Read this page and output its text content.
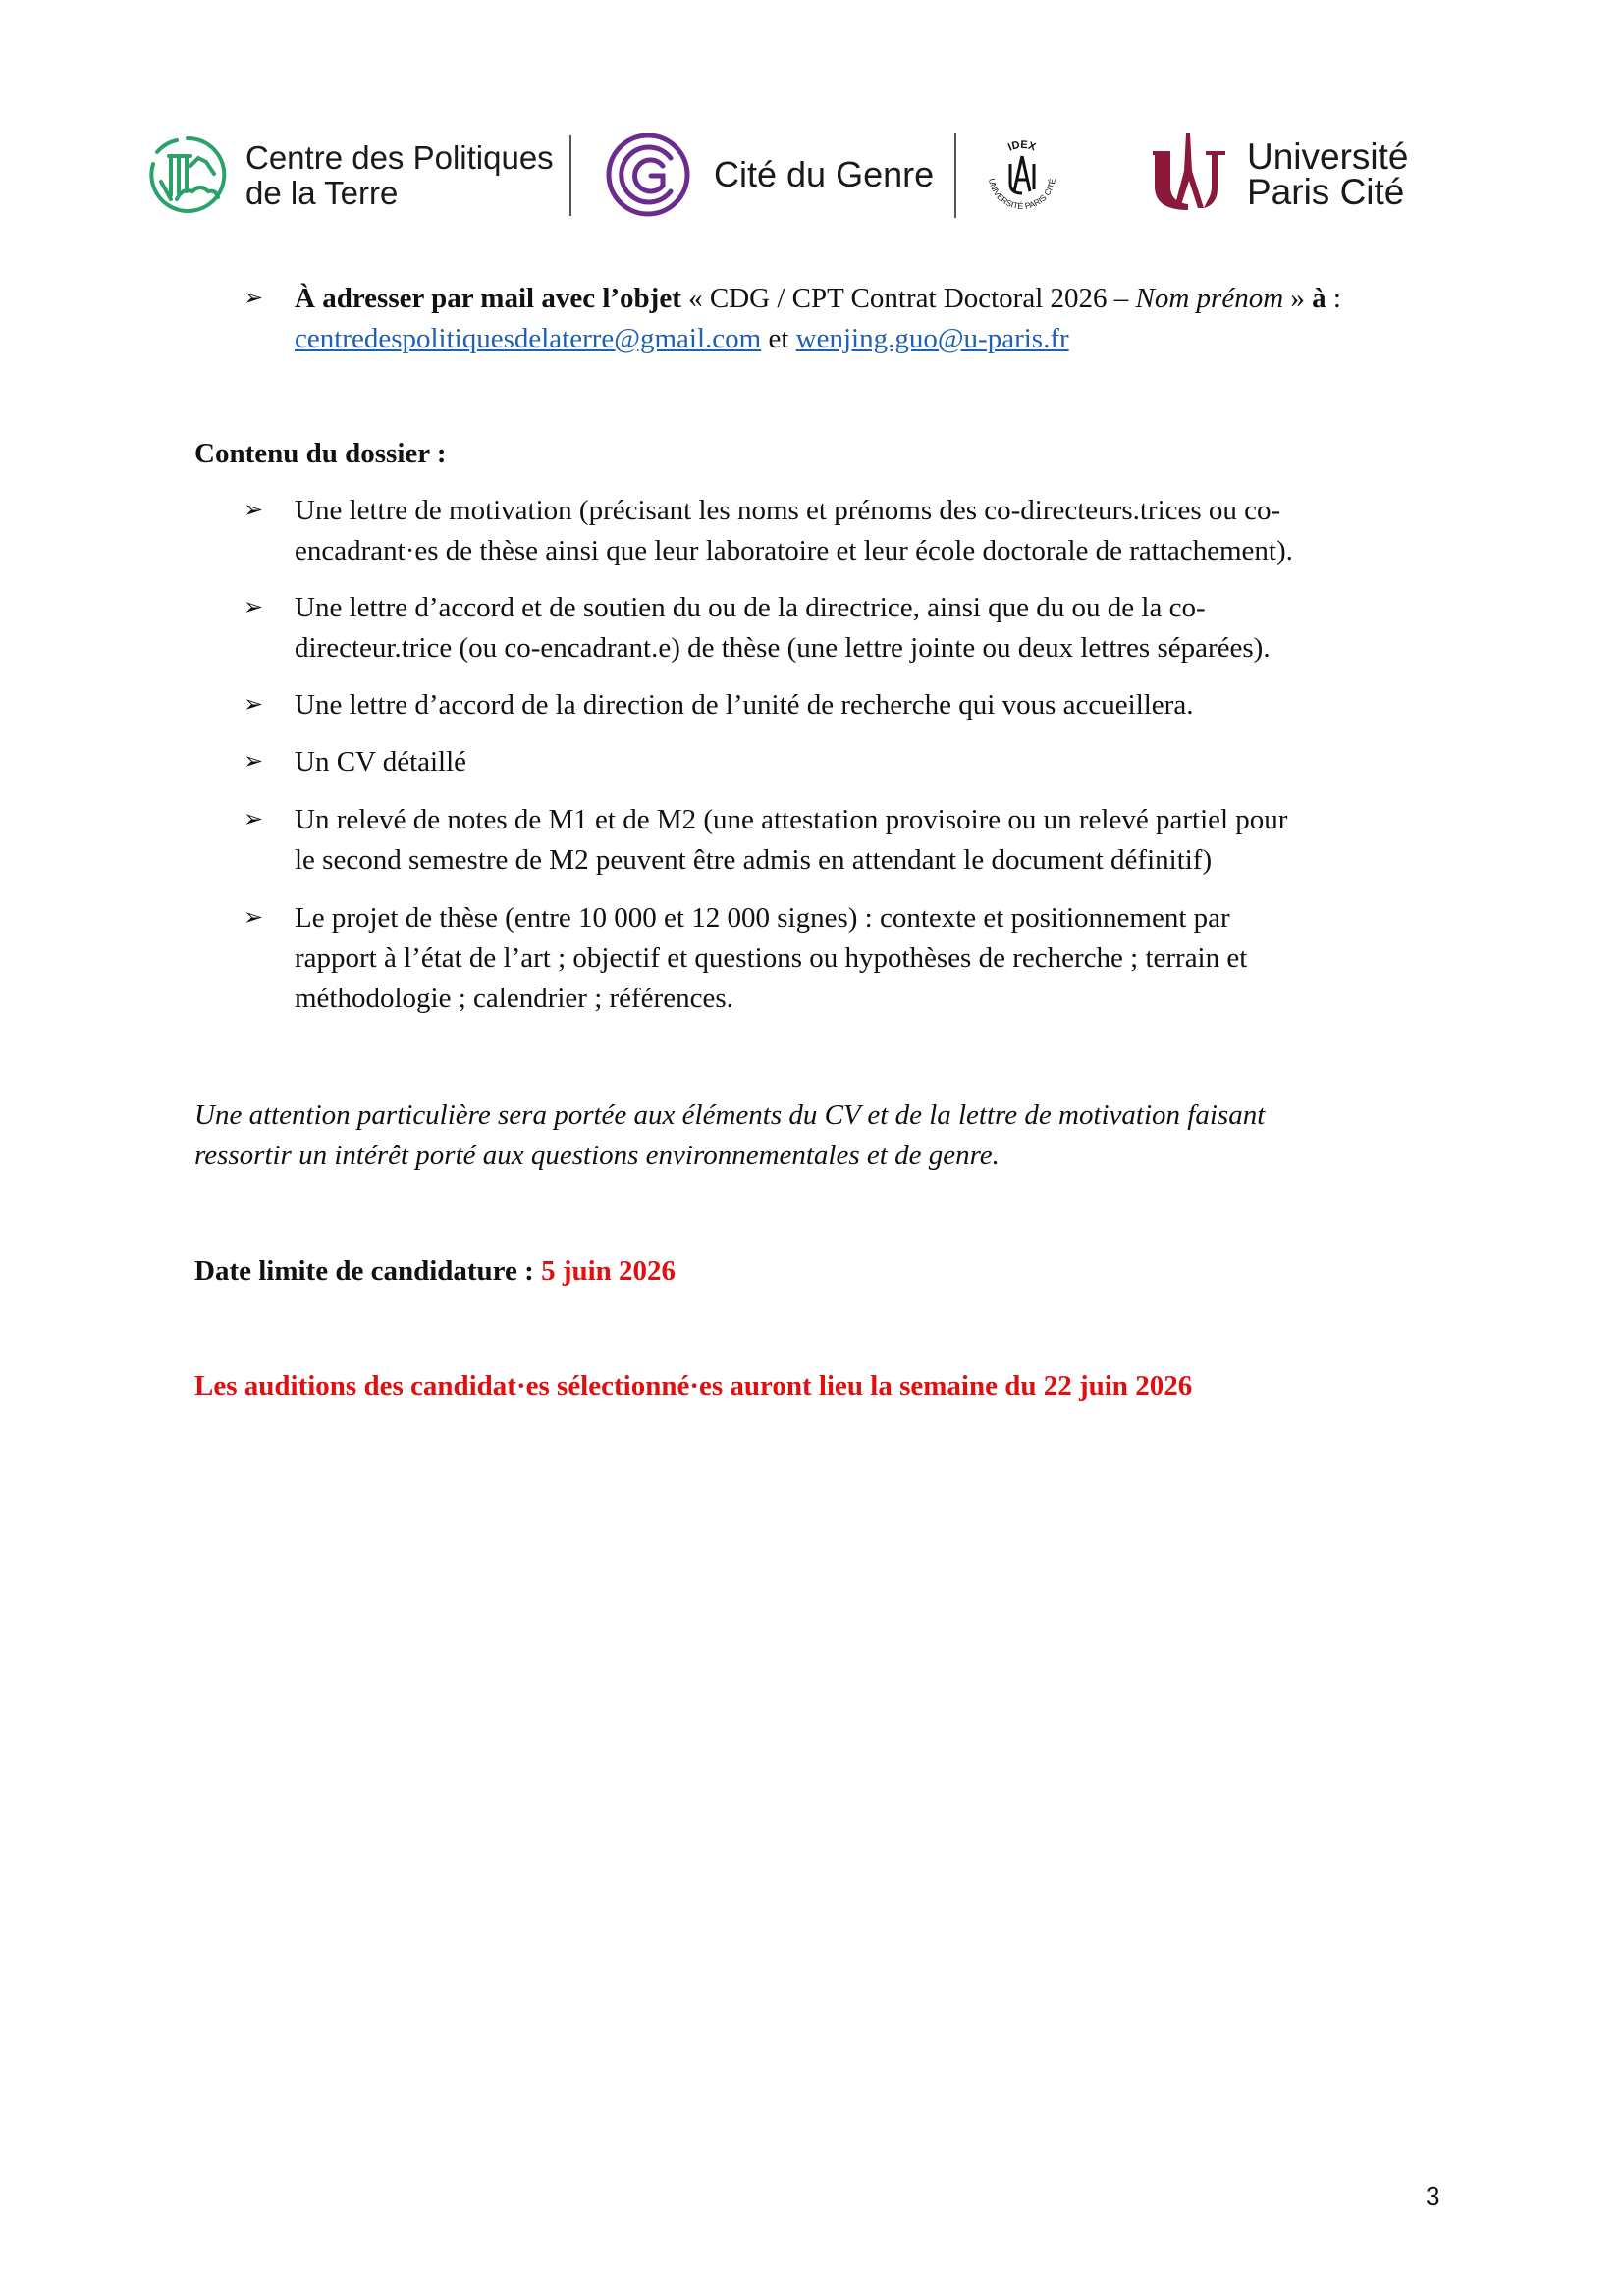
Centre des Politiques
de la Terre	Cité du Genre
IDEX
UNIVERSITÉ PARIS CITÉ
Université
Paris Cité
➢ À adresser par mail avec l’objet « CDG / CPT Contrat Doctoral 2026 – Nom prénom » à :
centredespolitiquesdelaterre@gmail.com et wenjing.guo@u-paris.fr
Contenu du dossier :
➢ Une lettre de motivation (précisant les noms et prénoms des co-directeurs.trices ou co-
encadrant·es de thèse ainsi que leur laboratoire et leur école doctorale de rattachement).
➢ Une lettre d’accord et de soutien du ou de la directrice, ainsi que du ou de la co-
directeur.trice (ou co-encadrant.e) de thèse (une lettre jointe ou deux lettres séparées).
➢ Une lettre d’accord de la direction de l’unité de recherche qui vous accueillera.
➢ Un CV détaillé
➢ Un relevé de notes de M1 et de M2 (une attestation provisoire ou un relevé partiel pour
le second semestre de M2 peuvent être admis en attendant le document définitif)
➢ Le projet de thèse (entre 10 000 et 12 000 signes) : contexte et positionnement par
rapport à l’état de l’art ; objectif et questions ou hypothèses de recherche ; terrain et
méthodologie ; calendrier ; références.
Une attention particulière sera portée aux éléments du CV et de la lettre de motivation faisant
ressortir un intérêt porté aux questions environnementales et de genre.
Date limite de candidature : 5 juin 2026
Les auditions des candidat·es sélectionné·es auront lieu la semaine du 22 juin 2026
3
